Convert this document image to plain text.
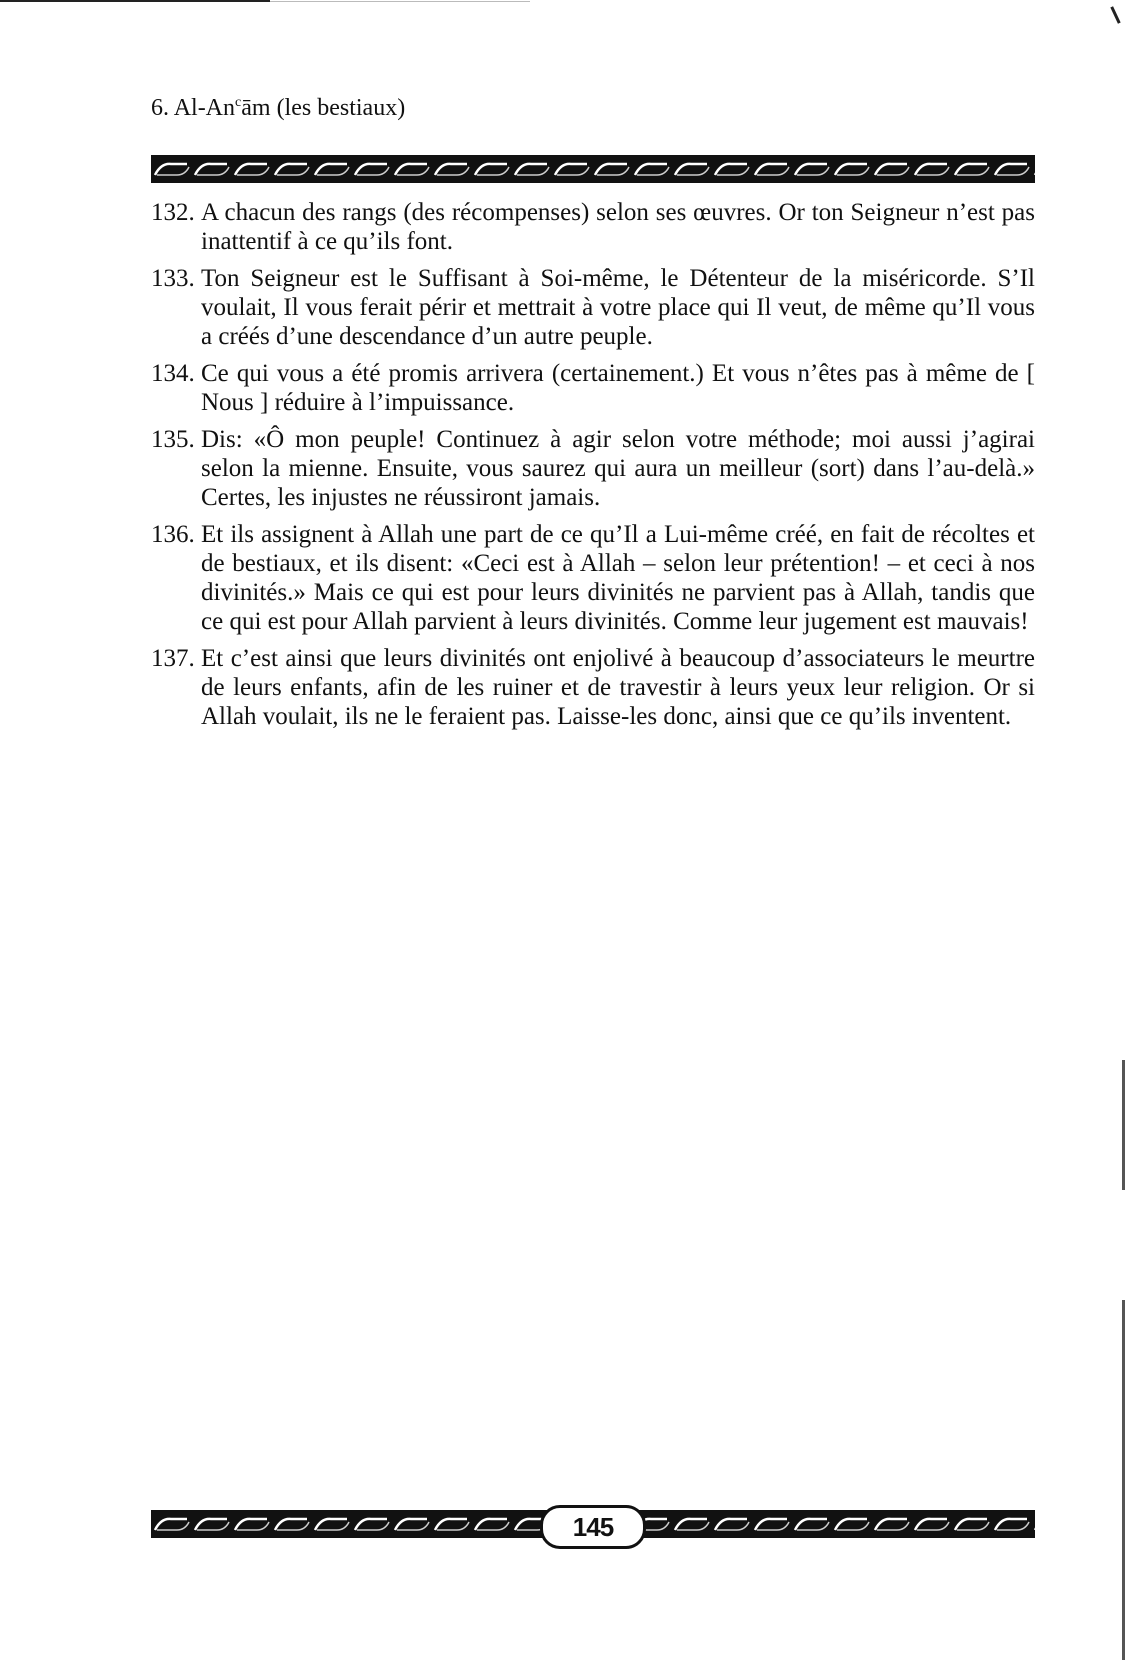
6. Al-An$^c$ām (les bestiaux)
132. A chacun des rangs (des récompenses) selon ses œuvres. Or ton Seigneur n’est pas inattentif à ce qu’ils font.
133. Ton Seigneur est le Suffisant à Soi-même, le Détenteur de la miséricorde. S’Il voulait, Il vous ferait périr et mettrait à votre place qui Il veut, de même qu’Il vous a créés d’une descendance d’un autre peuple.
134. Ce qui vous a été promis arrivera (certainement.) Et vous n’êtes pas à même de [ Nous ] réduire à l’impuissance.
135. Dis: «Ô mon peuple! Continuez à agir selon votre méthode; moi aussi j’agirai selon la mienne. Ensuite, vous saurez qui aura un meilleur (sort) dans l’au-delà.» Certes, les injustes ne réussiront jamais.
136. Et ils assignent à Allah une part de ce qu’Il a Lui-même créé, en fait de récoltes et de bestiaux, et ils disent: «Ceci est à Allah – selon leur prétention! – et ceci à nos divinités.» Mais ce qui est pour leurs divinités ne parvient pas à Allah, tandis que ce qui est pour Allah parvient à leurs divinités. Comme leur jugement est mauvais!
137. Et c’est ainsi que leurs divinités ont enjolivé à beaucoup d’associateurs le meurtre de leurs enfants, afin de les ruiner et de travestir à leurs yeux leur religion. Or si Allah voulait, ils ne le feraient pas. Laisse-les donc, ainsi que ce qu’ils inventent.
145
